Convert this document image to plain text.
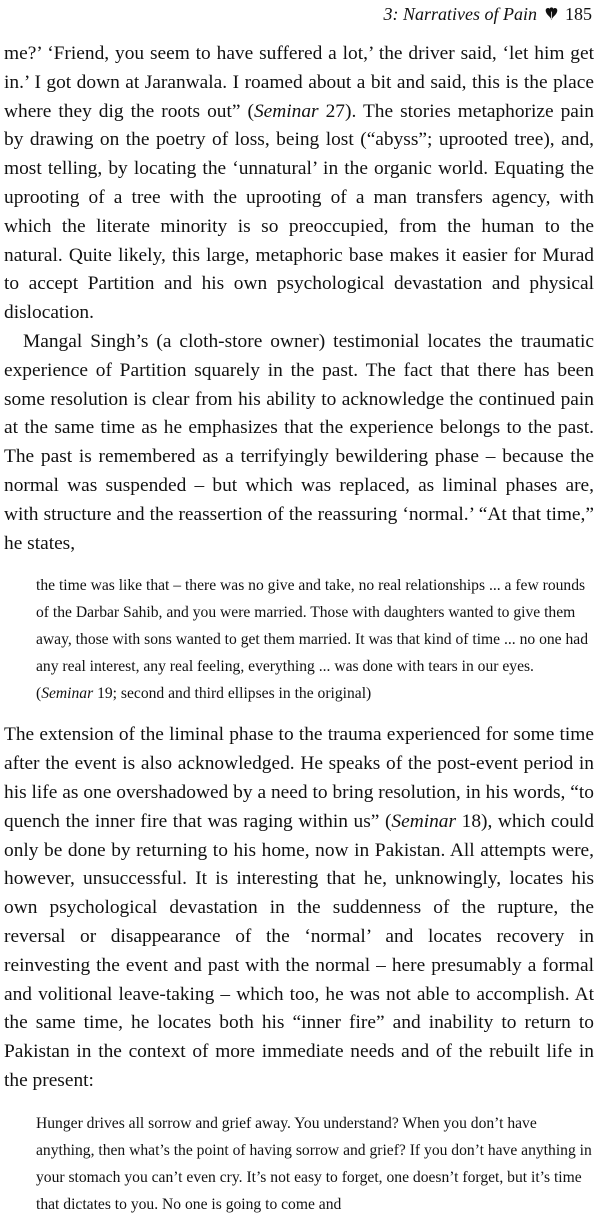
3: Narratives of Pain 185

me?’ ‘Friend, you seem to have suffered a lot,’ the driver said, ‘let him get in.’ I got down at Jaranwala. I roamed about a bit and said, this is the place where they dig the roots out” (Seminar 27). The stories metaphorize pain by drawing on the poetry of loss, being lost (“abyss”; uprooted tree), and, most telling, by locating the ‘unnatural’ in the organic world. Equating the uprooting of a tree with the uprooting of a man transfers agency, with which the literate minority is so preoccupied, from the human to the natural. Quite likely, this large, metaphoric base makes it easier for Murad to accept Partition and his own psychological devastation and physical dislocation.

Mangal Singh’s (a cloth-store owner) testimonial locates the traumatic experience of Partition squarely in the past. The fact that there has been some resolution is clear from his ability to acknowledge the continued pain at the same time as he emphasizes that the experience belongs to the past. The past is remembered as a terrifyingly bewildering phase – because the normal was suspended – but which was replaced, as liminal phases are, with structure and the reassertion of the reassuring ‘normal.’ “At that time,” he states,

the time was like that – there was no give and take, no real relationships ... a few rounds of the Darbar Sahib, and you were married. Those with daughters wanted to give them away, those with sons wanted to get them married. It was that kind of time ... no one had any real interest, any real feeling, everything ... was done with tears in our eyes. (Seminar 19; second and third ellipses in the original)

The extension of the liminal phase to the trauma experienced for some time after the event is also acknowledged. He speaks of the post-event period in his life as one overshadowed by a need to bring resolution, in his words, “to quench the inner fire that was raging within us” (Seminar 18), which could only be done by returning to his home, now in Pakistan. All attempts were, however, unsuccessful. It is interesting that he, unknowingly, locates his own psychological devastation in the suddenness of the rupture, the reversal or disappearance of the ‘normal’ and locates recovery in reinvesting the event and past with the normal – here presumably a formal and volitional leave-taking – which too, he was not able to accomplish. At the same time, he locates both his “inner fire” and inability to return to Pakistan in the context of more immediate needs and of the rebuilt life in the present:

Hunger drives all sorrow and grief away. You understand? When you don’t have anything, then what’s the point of having sorrow and grief? If you don’t have anything in your stomach you can’t even cry. It’s not easy to forget, one doesn’t forget, but it’s time that dictates to you. No one is going to come and
